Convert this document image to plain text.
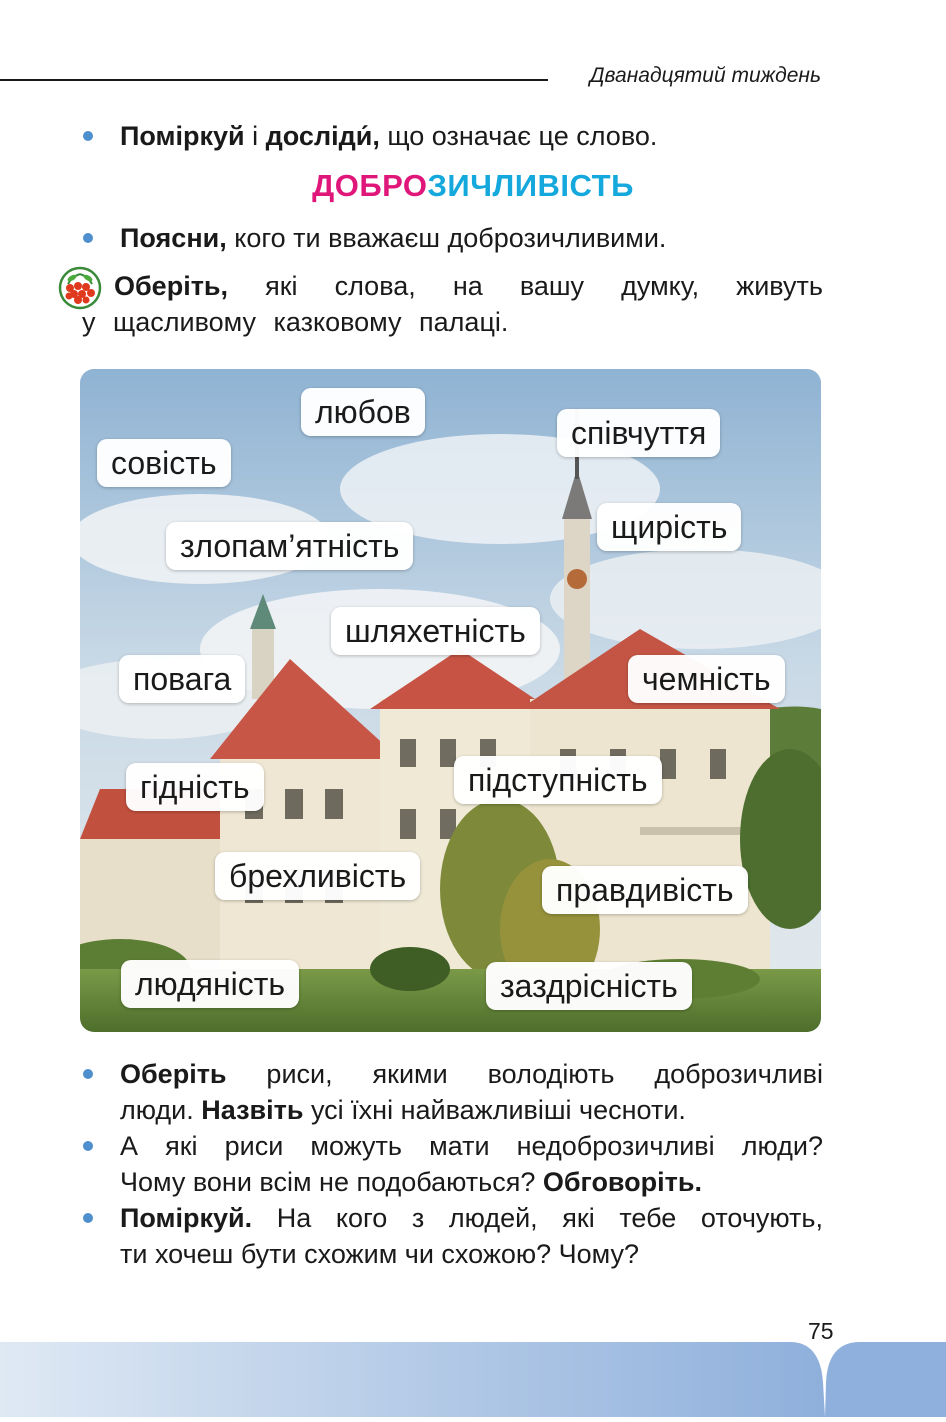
Дванадцятий тиждень
Поміркуй і досліди́, що означає це слово.
ДОБРОЗИЧЛИВІСТЬ
Поясни, кого ти вважаєш доброзичливими.
Оберіть, які слова, на вашу думку, живуть
у щасливому казковому палаці.
любов
співчуття
совість
щирість
злопам’ятність
шляхетність
повага	чемність
гідність	підступність
брехливість	правдивість
людяність	заздрісність
Оберіть риси, якими володіють доброзичливі
люди. Назвіть усі їхні найважливіші чесноти.
А які риси можуть мати недоброзичливі люди?
Чому вони всім не подобаються? Обговоріть.
Поміркуй. На кого з людей, які тебе оточують,
ти хочеш бути схожим чи схожою? Чому?
75
